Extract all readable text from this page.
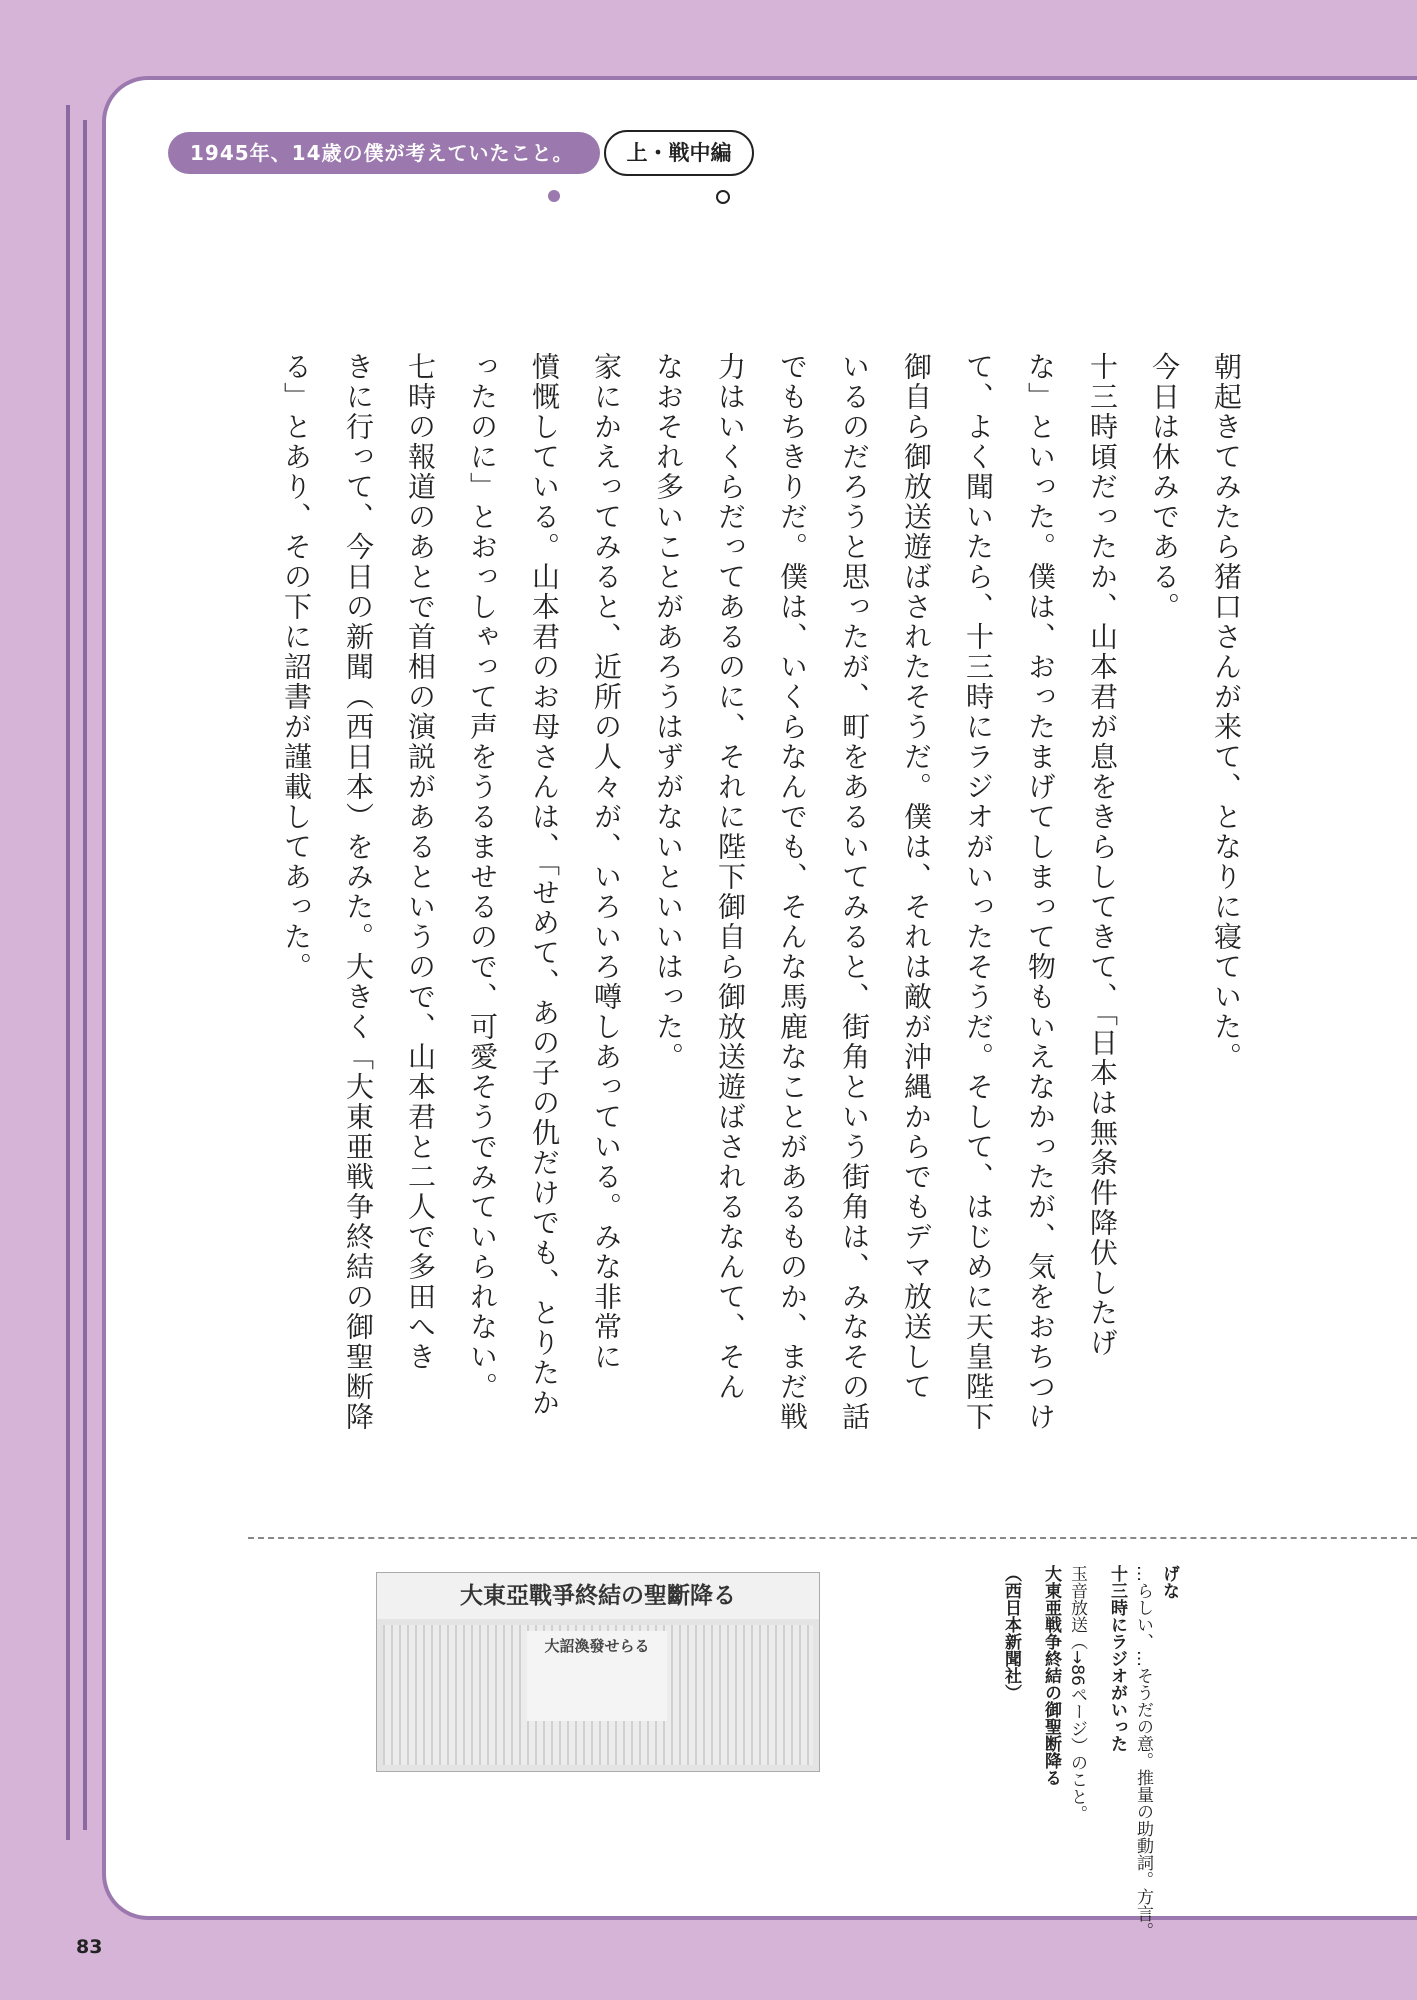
1945年、14歳の僕が考えていたこと。	上・戦中編

朝起きてみたら猪口さんが来て、となりに寝ていた。

今日は休みである。

十三時頃だったか、山本君が息をきらしてきて、「日本は無条件降伏したげ

な」といった。僕は、おったまげてしまって物もいえなかったが、気をおちつけ

て、よく聞いたら、十三時にラジオがいったそうだ。そして、はじめに天皇陛下

御自ら御放送遊ばされたそうだ。僕は、それは敵が沖縄からでもデマ放送して

いるのだろうと思ったが、町をあるいてみると、街角という街角は、みなその話

でもちきりだ。僕は、いくらなんでも、そんな馬鹿なことがあるものか、まだ戦

力はいくらだってあるのに、それに陛下御自ら御放送遊ばされるなんて、そん

なおそれ多いことがあろうはずがないといいはった。

家にかえってみると、近所の人々が、いろいろ噂しあっている。みな非常に

憤慨している。山本君のお母さんは、「せめて、あの子の仇だけでも、とりたか

ったのに」とおっしゃって声をうるませるので、可愛そうでみていられない。

七時の報道のあとで首相の演説があるというので、山本君と二人で多田へき

きに行って、今日の新聞（西日本）をみた。大きく「大東亜戦争終結の御聖断降

る」とあり、その下に詔書が謹載してあった。

大東亞戰爭終結の聖斷降る
大詔渙發せらる
げな
…らしい、…そうだの意。推量の助動詞。方言。
十三時にラジオがいった
玉音放送（→86ページ）のこと。
大東亜戦争終結の御聖断降る
（西日本新聞社）
83
